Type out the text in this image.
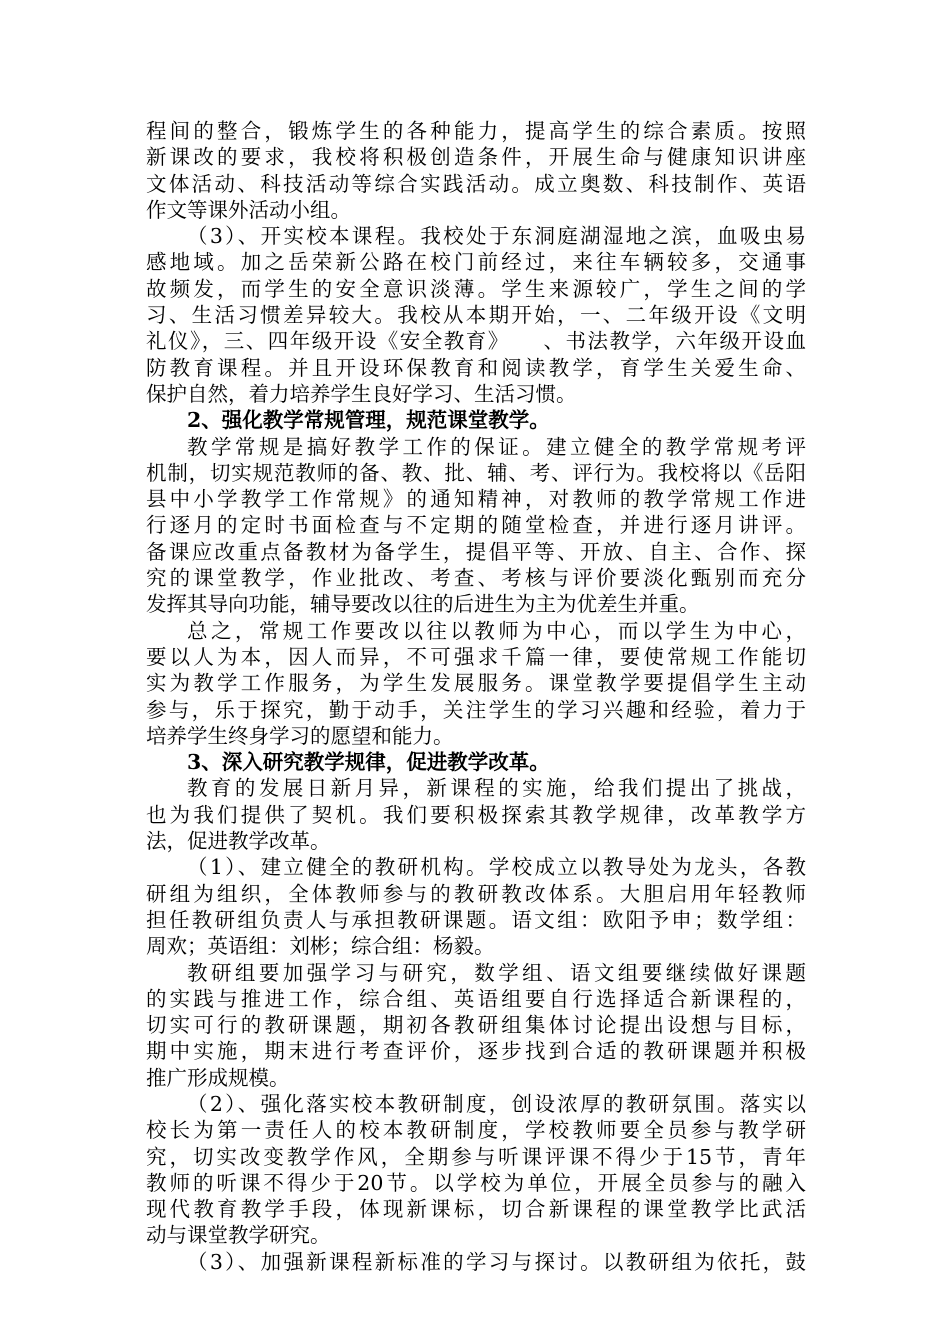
程间的整合，锻炼学生的各种能力，提高学生的综合素质。按照
新课改的要求，我校将积极创造条件，开展生命与健康知识讲座
文体活动、科技活动等综合实践活动。成立奥数、科技制作、英语
作文等课外活动小组。
（3）、开实校本课程。我校处于东洞庭湖湿地之滨，血吸虫易
感地域。加之岳荣新公路在校门前经过，来往车辆较多，交通事
故频发，而学生的安全意识淡薄。学生来源较广，学生之间的学
习、生活习惯差异较大。我校从本期开始，一、二年级开设《文明
礼仪》，三、四年级开设《安全教育》　　、书法教学，六年级开设血
防教育课程。并且开设环保教育和阅读教学，育学生关爱生命、
保护自然，着力培养学生良好学习、生活习惯。
2、强化教学常规管理，规范课堂教学。
教学常规是搞好教学工作的保证。建立健全的教学常规考评
机制，切实规范教师的备、教、批、辅、考、评行为。我校将以《岳阳
县中小学教学工作常规》的通知精神，对教师的教学常规工作进
行逐月的定时书面检查与不定期的随堂检查，并进行逐月讲评。
备课应改重点备教材为备学生，提倡平等、开放、自主、合作、探
究的课堂教学，作业批改、考查、考核与评价要淡化甄别而充分
发挥其导向功能，辅导要改以往的后进生为主为优差生并重。
总之，常规工作要改以往以教师为中心，而以学生为中心，
要以人为本，因人而异，不可强求千篇一律，要使常规工作能切
实为教学工作服务，为学生发展服务。课堂教学要提倡学生主动
参与，乐于探究，勤于动手，关注学生的学习兴趣和经验，着力于
培养学生终身学习的愿望和能力。
3、深入研究教学规律，促进教学改革。
教育的发展日新月异，新课程的实施，给我们提出了挑战，
也为我们提供了契机。我们要积极探索其教学规律，改革教学方
法，促进教学改革。
（1）、建立健全的教研机构。学校成立以教导处为龙头，各教
研组为组织，全体教师参与的教研教改体系。大胆启用年轻教师
担任教研组负责人与承担教研课题。语文组：欧阳予申；数学组：
周欢；英语组：刘彬；综合组：杨毅。
教研组要加强学习与研究，数学组、语文组要继续做好课题
的实践与推进工作，综合组、英语组要自行选择适合新课程的，
切实可行的教研课题，期初各教研组集体讨论提出设想与目标，
期中实施，期末进行考查评价，逐步找到合适的教研课题并积极
推广形成规模。
（2）、强化落实校本教研制度，创设浓厚的教研氛围。落实以
校长为第一责任人的校本教研制度，学校教师要全员参与教学研
究，切实改变教学作风，全期参与听课评课不得少于15节，青年
教师的听课不得少于20节。以学校为单位，开展全员参与的融入
现代教育教学手段，体现新课标，切合新课程的课堂教学比武活
动与课堂教学研究。
（3）、加强新课程新标准的学习与探讨。以教研组为依托，鼓
